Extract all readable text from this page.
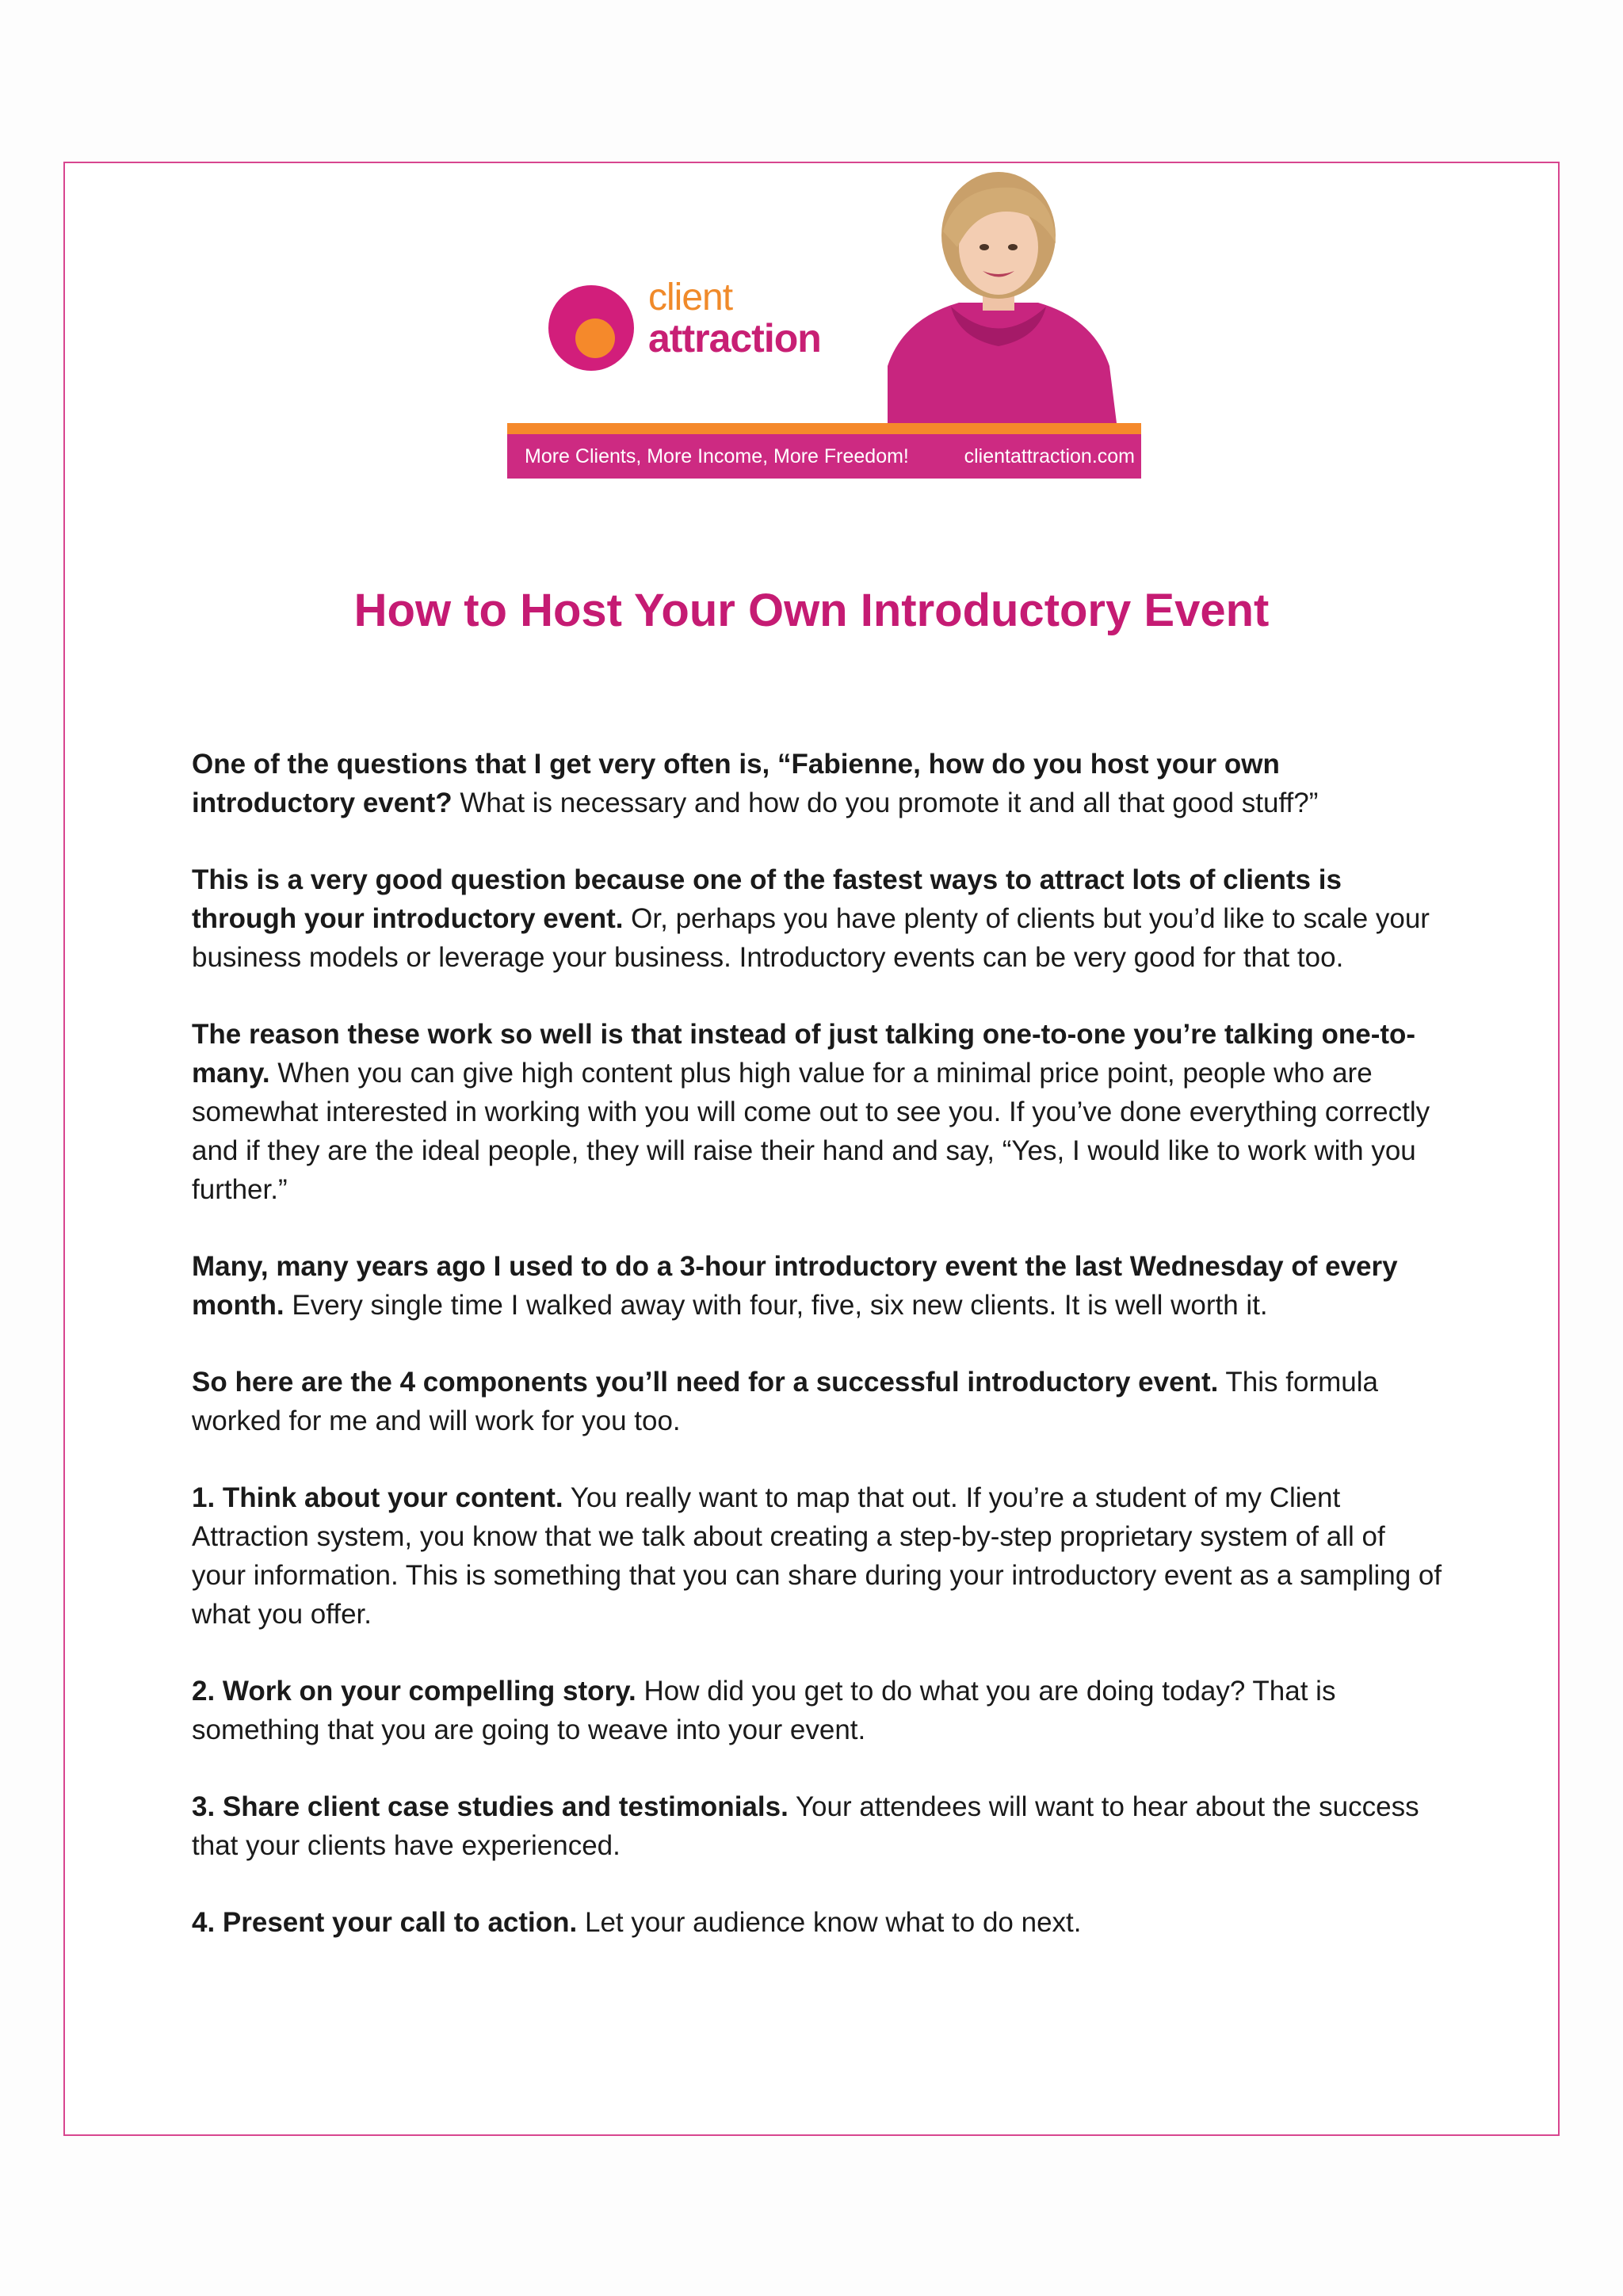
client
attraction
More Clients, More Income, More Freedom!	clientattraction.com
How to Host Your Own Introductory Event

One of the questions that I get very often is, “Fabienne, how do you host your own introductory event? What is necessary and how do you promote it and all that good stuff?”

This is a very good question because one of the fastest ways to attract lots of clients is through your introductory event. Or, perhaps you have plenty of clients but you’d like to scale your business models or leverage your business. Introductory events can be very good for that too.

The reason these work so well is that instead of just talking one-to-one you’re talking one-to-many. When you can give high content plus high value for a minimal price point, people who are somewhat interested in working with you will come out to see you. If you’ve done everything correctly and if they are the ideal people, they will raise their hand and say, “Yes, I would like to work with you further.”

Many, many years ago I used to do a 3-hour introductory event the last Wednesday of every month. Every single time I walked away with four, five, six new clients. It is well worth it.

So here are the 4 components you’ll need for a successful introductory event. This formula worked for me and will work for you too.

1. Think about your content. You really want to map that out. If you’re a student of my Client Attraction system, you know that we talk about creating a step-by-step proprietary system of all of your information. This is something that you can share during your introductory event as a sampling of what you offer.

2. Work on your compelling story. How did you get to do what you are doing today? That is something that you are going to weave into your event.

3. Share client case studies and testimonials. Your attendees will want to hear about the success that your clients have experienced.

4. Present your call to action. Let your audience know what to do next.
